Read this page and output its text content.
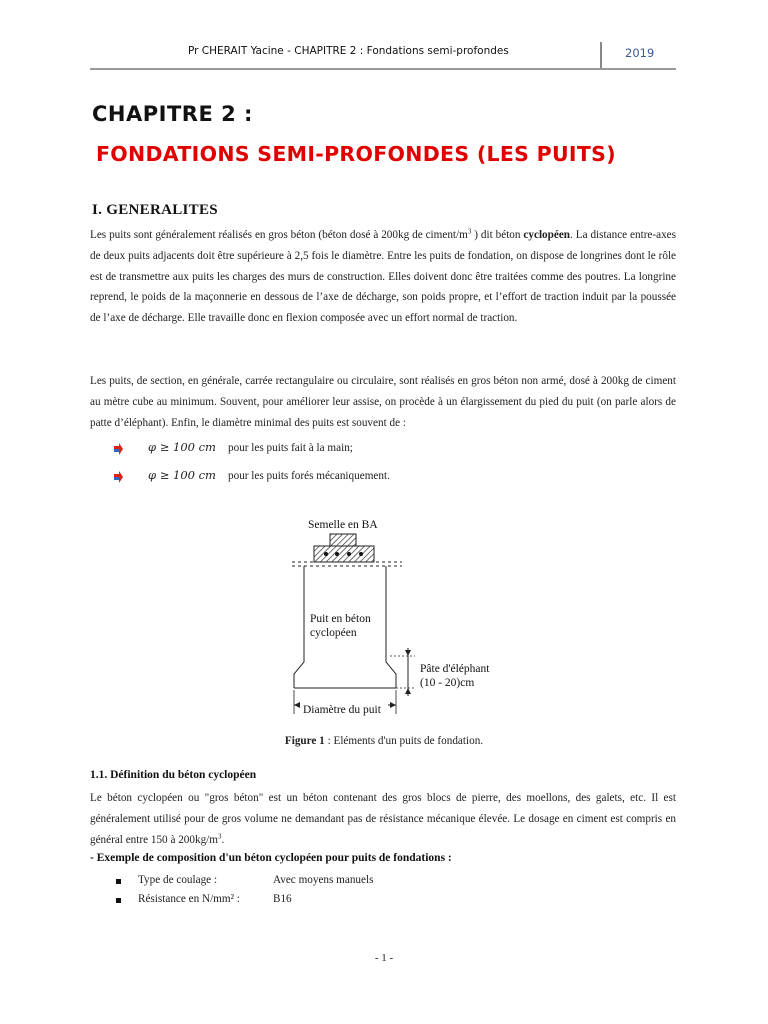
Pr CHERAIT Yacine - CHAPITRE 2 : Fondations semi-profondes	2019
CHAPITRE 2 :
FONDATIONS SEMI-PROFONDES (LES PUITS)
I. GENERALITES
Les puits sont généralement réalisés en gros béton (béton dosé à 200kg de ciment/$m^3$ ) dit béton cyclopéen. La distance entre-axes de deux puits adjacents doit être supérieure à 2,5 fois le diamètre. Entre les puits de fondation, on dispose de longrines dont le rôle est de transmettre aux puits les charges des murs de construction. Elles doivent donc être traitées comme des poutres. La longrine reprend, le poids de la maçonnerie en dessous de l’axe de décharge, son poids propre, et l’effort de traction induit par la poussée de l’axe de décharge. Elle travaille donc en flexion composée avec un effort normal de traction.
Les puits, de section, en générale, carrée rectangulaire ou circulaire, sont réalisés en gros béton non armé, dosé à 200kg de ciment au mètre cube au minimum. Souvent, pour améliorer leur assise, on procède à un élargissement du pied du puit (on parle alors de patte d’éléphant). Enfin, le diamètre minimal des puits est souvent de :
φ ≥ 100 cm pour les puits fait à la main;
φ ≥ 100 cm pour les puits forés mécaniquement.
Semelle en BA
Puit en béton
cyclopéen
Pâte d'éléphant
(10 - 20)cm
Diamètre du puit
Figure 1 : Eléments d'un puits de fondation.
1.1. Définition du béton cyclopéen
Le béton cyclopéen ou "gros béton" est un béton contenant des gros blocs de pierre, des moellons, des galets, etc. Il est généralement utilisé pour de gros volume ne demandant pas de résistance mécanique élevée. Le dosage en ciment est compris en général entre 150 à $200kg/m^3$.
- Exemple de composition d'un béton cyclopéen pour puits de fondations :
Type de coulage :	Avec moyens manuels
Résistance en N/mm² :	B16
- 1 -
